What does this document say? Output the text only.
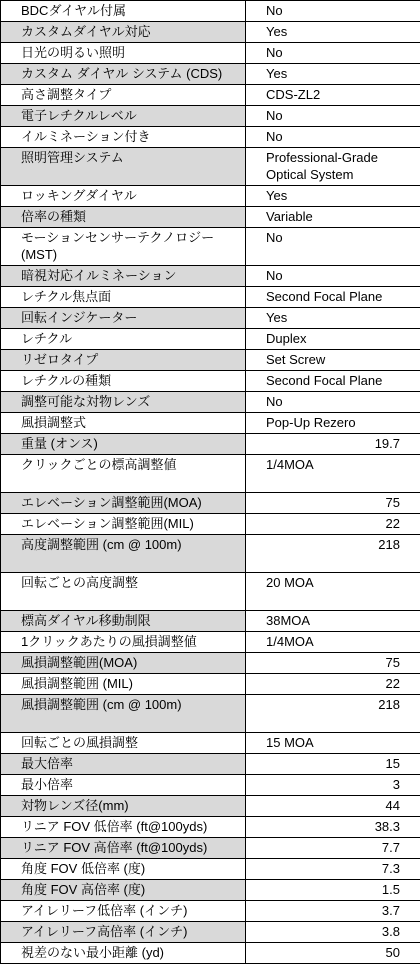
BDCダイヤル付属	No
カスタムダイヤル対応	Yes
日光の明るい照明	No
カスタム ダイヤル システム (CDS)	Yes
高さ調整タイプ	CDS-ZL2
電子レチクルレベル	No
イルミネーション付き	No
照明管理システム	Professional-Grade Optical System
ロッキングダイヤル	Yes
倍率の種類	Variable
モーションセンサーテクノロジー (MST)	No
暗視対応イルミネーション	No
レチクル焦点面	Second Focal Plane
回転インジケーター	Yes
レチクル	Duplex
リゼロタイプ	Set Screw
レチクルの種類	Second Focal Plane
調整可能な対物レンズ	No
風損調整式	Pop-Up Rezero
重量 (オンス)	19.7
クリックごとの標高調整値	1/4MOA
エレベーション調整範囲(MOA)	75
エレベーション調整範囲(MIL)	22
高度調整範囲 (cm @ 100m)	218
回転ごとの高度調整	20 MOA
標高ダイヤル移動制限	38MOA
1クリックあたりの風損調整値	1/4MOA
風損調整範囲(MOA)	75
風損調整範囲 (MIL)	22
風損調整範囲 (cm @ 100m)	218
回転ごとの風損調整	15 MOA
最大倍率	15
最小倍率	3
対物レンズ径(mm)	44
リニア FOV 低倍率 (ft@100yds)	38.3
リニア FOV 高倍率 (ft@100yds)	7.7
角度 FOV 低倍率 (度)	7.3
角度 FOV 高倍率 (度)	1.5
アイレリーフ低倍率 (インチ)	3.7
アイレリーフ高倍率 (インチ)	3.8
視差のない最小距離 (yd)	50
